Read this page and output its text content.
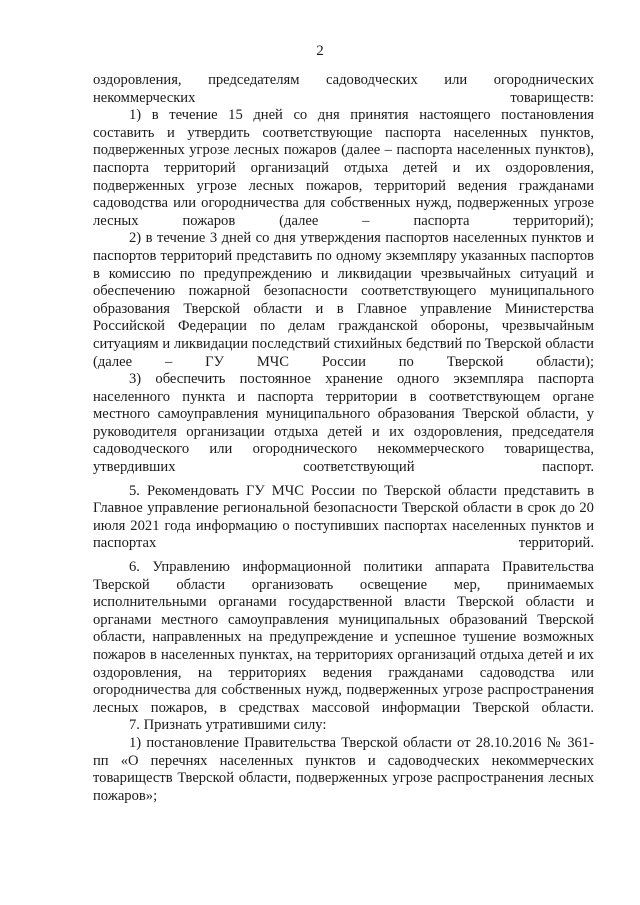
2

оздоровления, председателям садоводческих или огороднических некоммерческих товариществ:

1) в течение 15 дней со дня принятия настоящего постановления составить и утвердить соответствующие паспорта населенных пунктов, подверженных угрозе лесных пожаров (далее – паспорта населенных пунктов), паспорта территорий организаций отдыха детей и их оздоровления, подверженных угрозе лесных пожаров, территорий ведения гражданами садоводства или огородничества для собственных нужд, подверженных угрозе лесных пожаров (далее – паспорта территорий);

2) в течение 3 дней со дня утверждения паспортов населенных пунктов и паспортов территорий представить по одному экземпляру указанных паспортов в комиссию по предупреждению и ликвидации чрезвычайных ситуаций и обеспечению пожарной безопасности соответствующего муниципального образования Тверской области и в Главное управление Министерства Российской Федерации по делам гражданской обороны, чрезвычайным ситуациям и ликвидации последствий стихийных бедствий по Тверской области (далее – ГУ МЧС России по Тверской области);

3) обеспечить постоянное хранение одного экземпляра паспорта населенного пункта и паспорта территории в соответствующем органе местного самоуправления муниципального образования Тверской области, у руководителя организации отдыха детей и их оздоровления, председателя садоводческого или огороднического некоммерческого товарищества, утвердивших соответствующий паспорт.

5. Рекомендовать ГУ МЧС России по Тверской области представить в Главное управление региональной безопасности Тверской области в срок до 20 июля 2021 года информацию о поступивших паспортах населенных пунктов и паспортах территорий.

6. Управлению информационной политики аппарата Правительства Тверской области организовать освещение мер, принимаемых исполнительными органами государственной власти Тверской области и органами местного самоуправления муниципальных образований Тверской области, направленных на предупреждение и успешное тушение возможных пожаров в населенных пунктах, на территориях организаций отдыха детей и их оздоровления, на территориях ведения гражданами садоводства или огородничества для собственных нужд, подверженных угрозе распространения лесных пожаров, в средствах массовой информации Тверской области.

7. Признать утратившими силу:

1) постановление Правительства Тверской области от 28.10.2016 № 361-пп «О перечнях населенных пунктов и садоводческих некоммерческих товариществ Тверской области, подверженных угрозе распространения лесных пожаров»;
